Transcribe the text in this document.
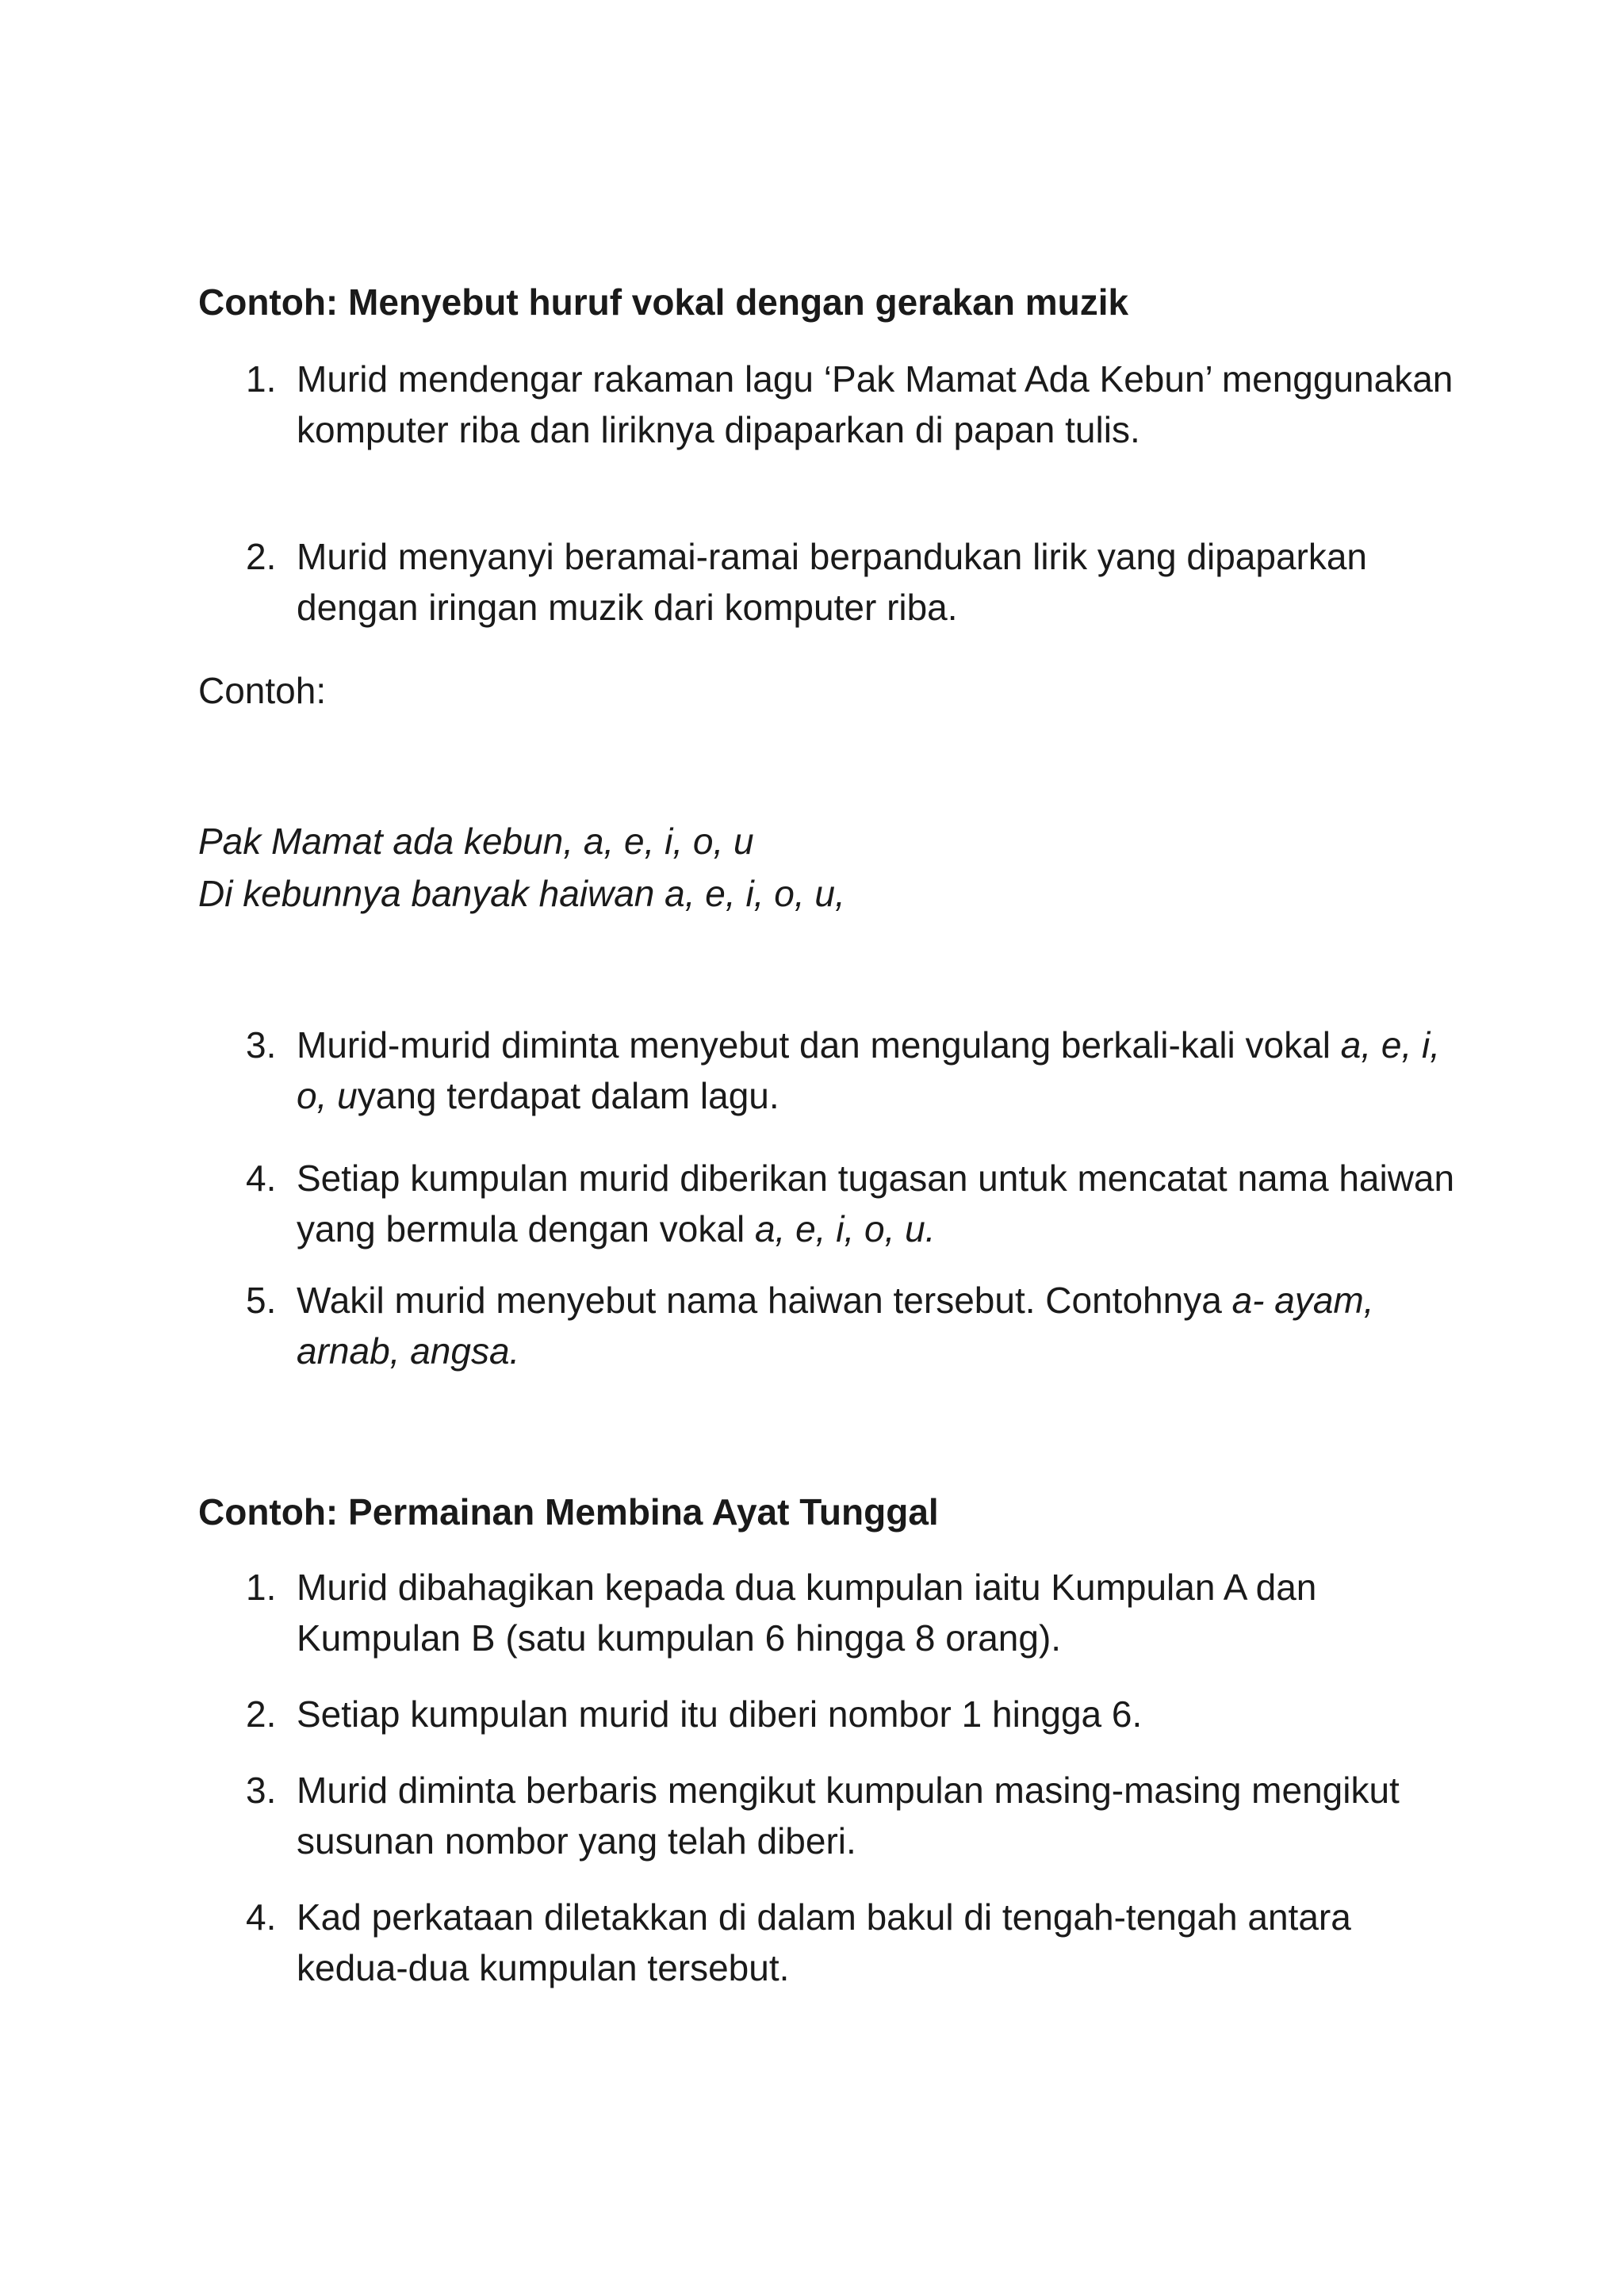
Contoh: Menyebut huruf vokal dengan gerakan muzik
1. Murid mendengar rakaman lagu ‘Pak Mamat Ada Kebun’ menggunakan komputer riba dan liriknya dipaparkan di papan tulis.
2. Murid menyanyi beramai-ramai berpandukan lirik yang dipaparkan dengan iringan muzik dari komputer riba.
Contoh:
Pak Mamat ada kebun, a, e, i, o, u
Di kebunnya banyak haiwan a, e, i, o, u,
3. Murid-murid diminta menyebut dan mengulang berkali-kali vokal a, e, i, o, uyang terdapat dalam lagu.
4. Setiap kumpulan murid diberikan tugasan untuk mencatat nama haiwan yang bermula dengan vokal a, e, i, o, u.
5. Wakil murid menyebut nama haiwan tersebut. Contohnya a- ayam, arnab, angsa.
Contoh: Permainan Membina Ayat Tunggal
1. Murid dibahagikan kepada dua kumpulan iaitu Kumpulan A dan Kumpulan B (satu kumpulan 6 hingga 8 orang).
2. Setiap kumpulan murid itu diberi nombor 1 hingga 6.
3. Murid diminta berbaris mengikut kumpulan masing-masing mengikut susunan nombor yang telah diberi.
4. Kad perkataan diletakkan di dalam bakul di tengah-tengah antara kedua-dua kumpulan tersebut.
